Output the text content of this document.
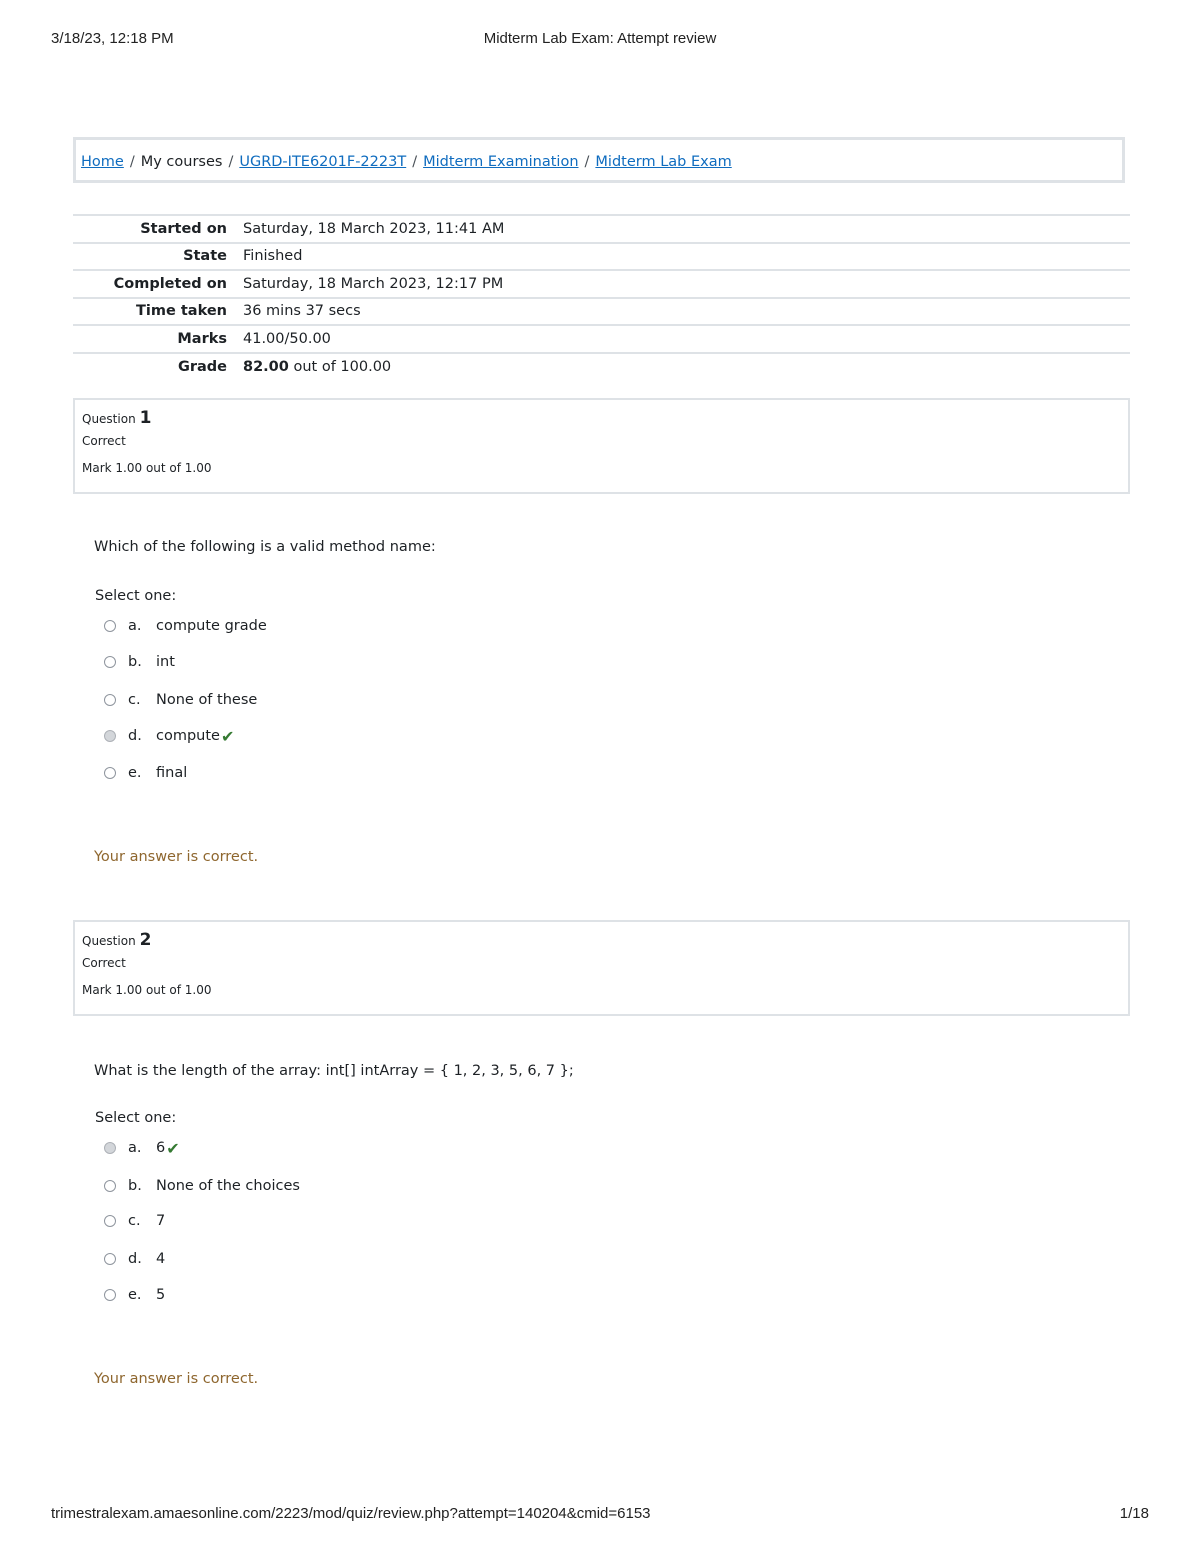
3/18/23, 12:18 PM	Midterm Lab Exam: Attempt review
Home / My courses / UGRD-ITE6201F-2223T / Midterm Examination / Midterm Lab Exam
Started on	Saturday, 18 March 2023, 11:41 AM
State	Finished
Completed on	Saturday, 18 March 2023, 12:17 PM
Time taken	36 mins 37 secs
Marks	41.00/50.00
Grade	82.00 out of 100.00
Question 1
Correct
Mark 1.00 out of 1.00
Which of the following is a valid method name:
Select one:
a.	compute grade
b. int
c.	None of these
d. compute ✔
e. final
Your answer is correct.
Question 2
Correct
Mark 1.00 out of 1.00
What is the length of the array: int[] intArray = { 1, 2, 3, 5, 6, 7 };
Select one:
a.	6 ✔
b. None of the choices
c.	7
d. 4
e. 5
Your answer is correct.
trimestralexam.amaesonline.com/2223/mod/quiz/review.php?attempt=140204&cmid=6153	1/18
